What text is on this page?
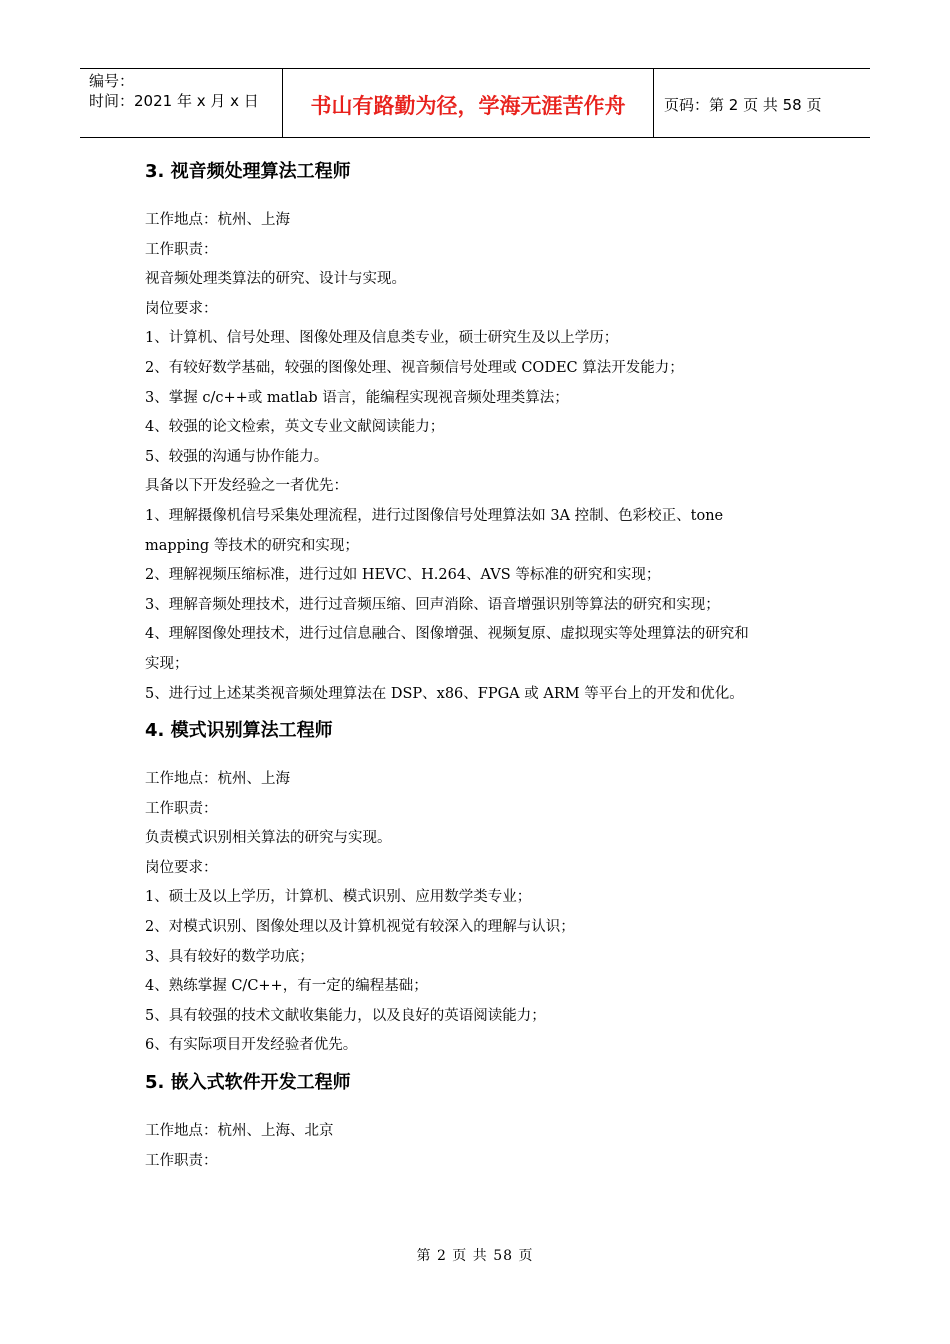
编号：
时间：2021 年 x 月 x 日	书山有路勤为径，学海无涯苦作舟	页码：第 2 页 共 58 页
3. 视音频处理算法工程师
工作地点：杭州、上海
工作职责：
视音频处理类算法的研究、设计与实现。
岗位要求：
1、计算机、信号处理、图像处理及信息类专业，硕士研究生及以上学历；
2、有较好数学基础，较强的图像处理、视音频信号处理或 CODEC 算法开发能力；
3、掌握 c/c++或 matlab 语言，能编程实现视音频处理类算法；
4、较强的论文检索，英文专业文献阅读能力；
5、较强的沟通与协作能力。
具备以下开发经验之一者优先：
1、理解摄像机信号采集处理流程，进行过图像信号处理算法如 3A 控制、色彩校正、tone
mapping 等技术的研究和实现；
2、理解视频压缩标准，进行过如 HEVC、H.264、AVS 等标准的研究和实现；
3、理解音频处理技术，进行过音频压缩、回声消除、语音增强识别等算法的研究和实现；
4、理解图像处理技术，进行过信息融合、图像增强、视频复原、虚拟现实等处理算法的研究和
实现；
5、进行过上述某类视音频处理算法在 DSP、x86、FPGA 或 ARM 等平台上的开发和优化。
4. 模式识别算法工程师
工作地点：杭州、上海
工作职责：
负责模式识别相关算法的研究与实现。
岗位要求：
1、硕士及以上学历，计算机、模式识别、应用数学类专业；
2、对模式识别、图像处理以及计算机视觉有较深入的理解与认识；
3、具有较好的数学功底；
4、熟练掌握 C/C++，有一定的编程基础；
5、具有较强的技术文献收集能力，以及良好的英语阅读能力；
6、有实际项目开发经验者优先。
5. 嵌入式软件开发工程师
工作地点：杭州、上海、北京
工作职责：
第 2 页 共 58 页
